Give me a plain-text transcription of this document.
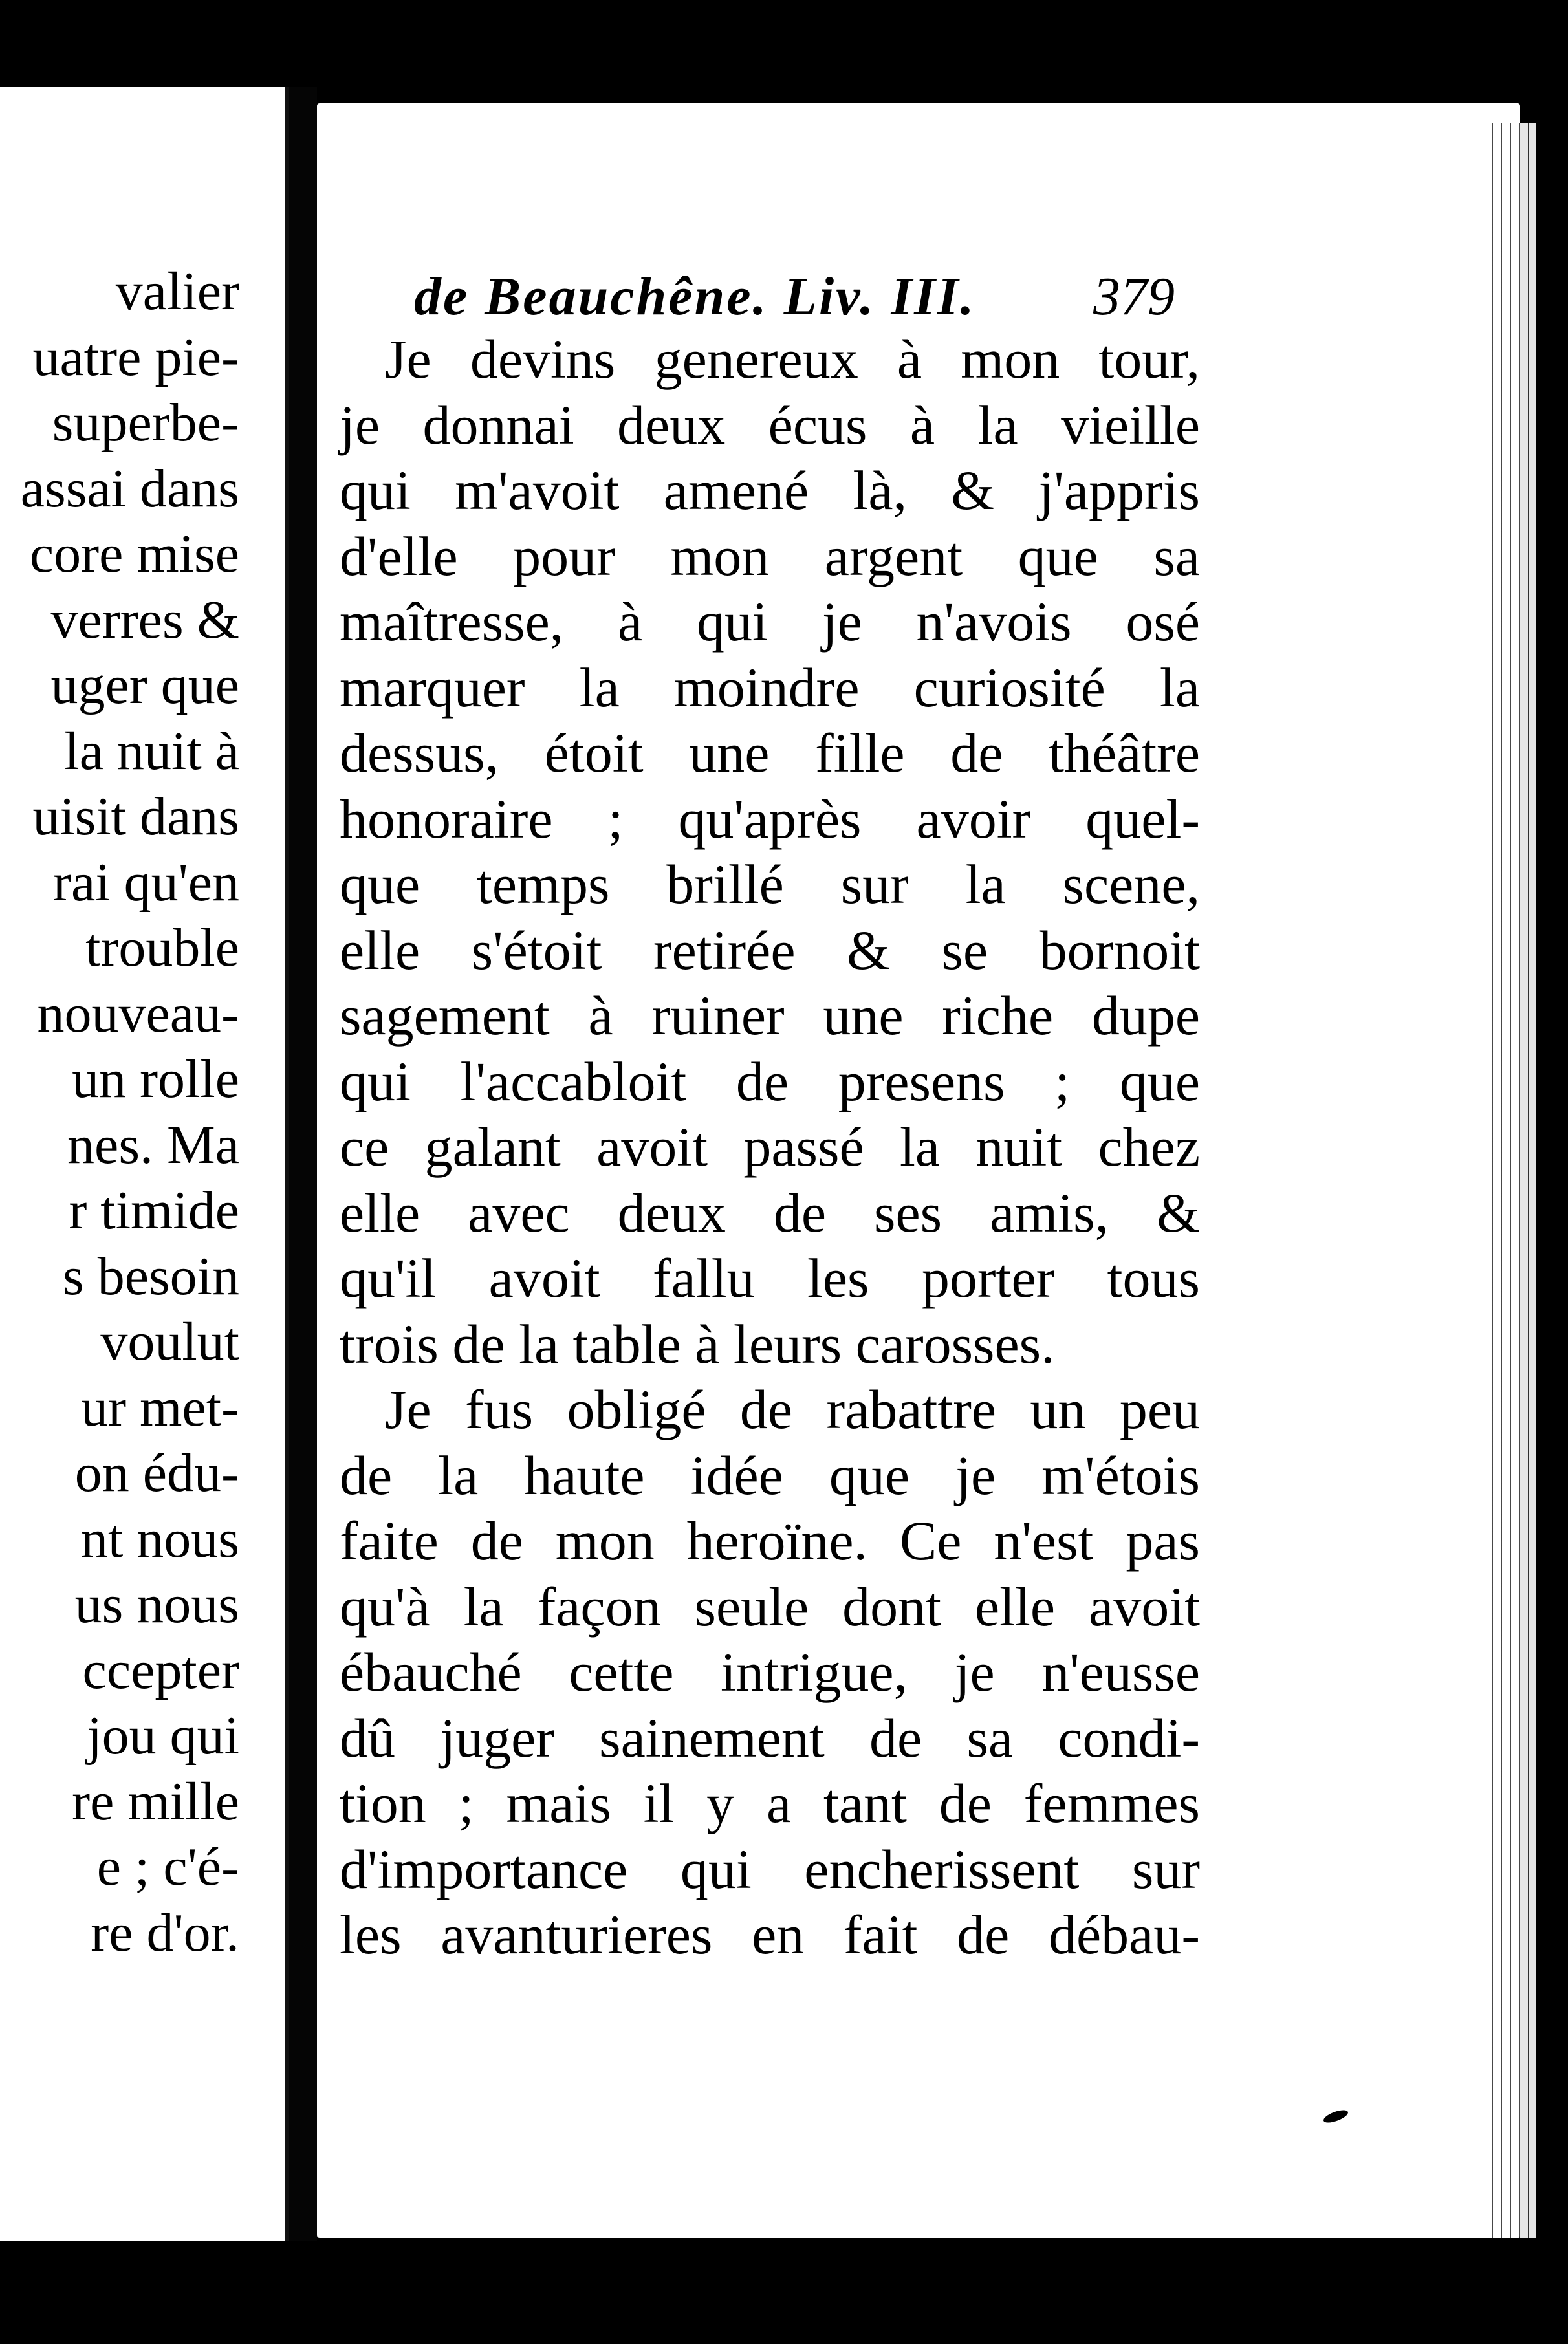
valier
uatre pie-
superbe-
assai dans
core mise
verres &
uger que
la nuit à
uisit dans
rai qu'en
trouble
nouveau-
un rolle
nes. Ma
r timide
s besoin
voulut
ur met-
on édu-
nt nous
us nous
ccepter
jou qui
re mille
e ; c'é-
re d'or.
de Beauchêne. Liv. III. 379
Je devins genereux à mon tour,
je donnai deux écus à la vieille
qui m'avoit amené là, & j'appris
d'elle pour mon argent que sa
maîtresse, à qui je n'avois osé
marquer la moindre curiosité la
dessus, étoit une fille de théâtre
honoraire ; qu'après avoir quel-
que temps brillé sur la scene,
elle s'étoit retirée & se bornoit
sagement à ruiner une riche dupe
qui l'accabloit de presens ; que
ce galant avoit passé la nuit chez
elle avec deux de ses amis, &
qu'il avoit fallu les porter tous
trois de la table à leurs carosses.
Je fus obligé de rabattre un peu
de la haute idée que je m'étois
faite de mon heroïne. Ce n'est pas
qu'à la façon seule dont elle avoit
ébauché cette intrigue, je n'eusse
dû juger sainement de sa condi-
tion ; mais il y a tant de femmes
d'importance qui encherissent sur
les avanturieres en fait de débau-
